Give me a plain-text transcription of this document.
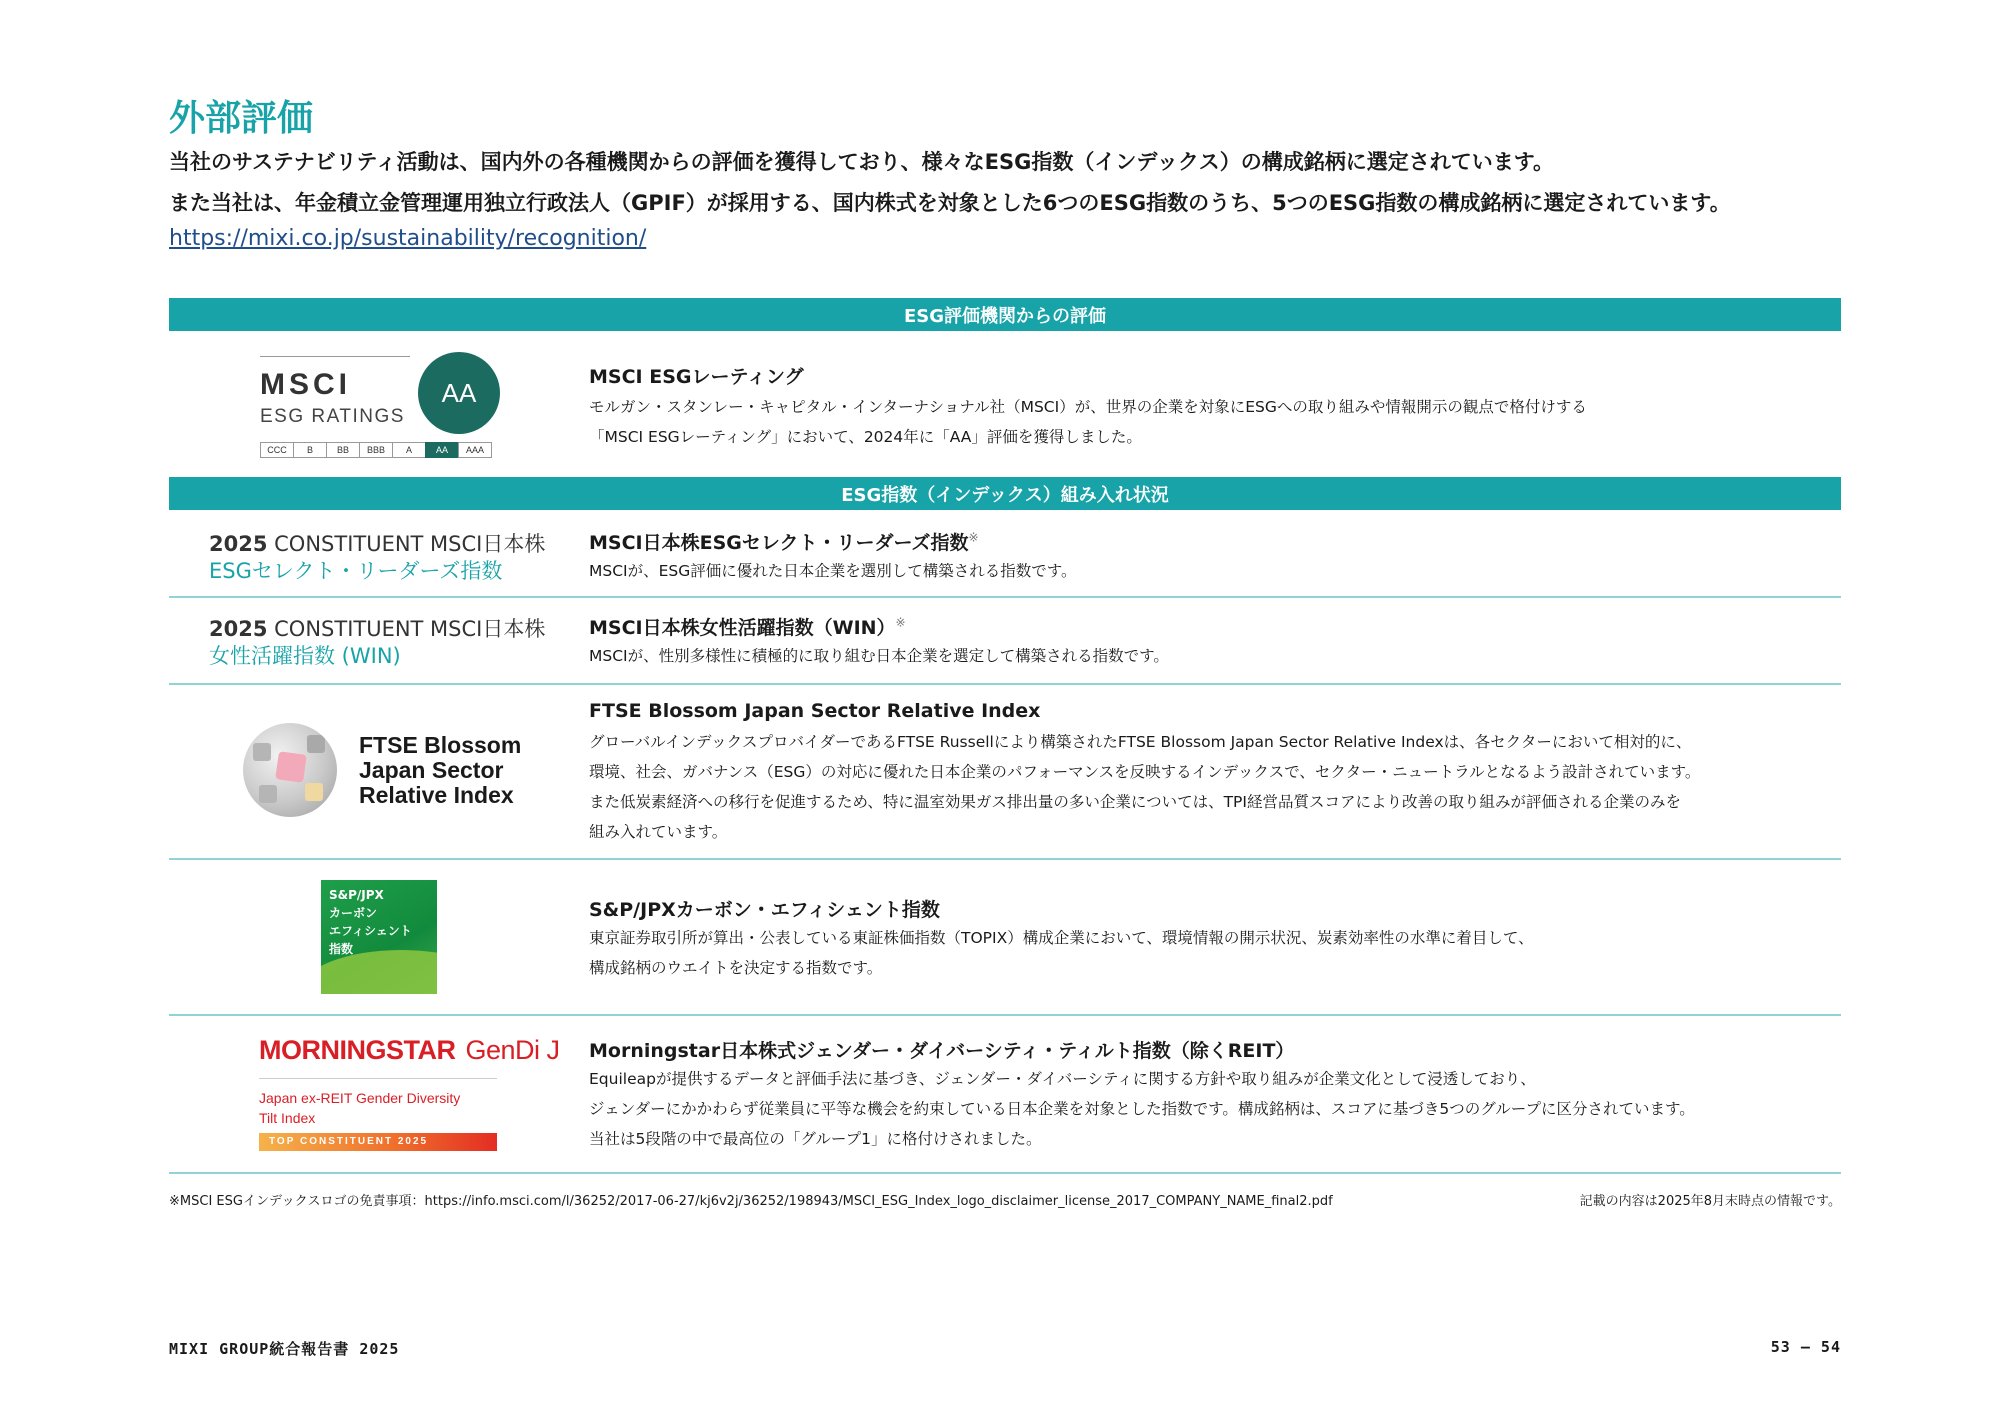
外部評価
当社のサステナビリティ活動は、国内外の各種機関からの評価を獲得しており、様々なESG指数（インデックス）の構成銘柄に選定されています。
また当社は、年金積立金管理運用独立行政法人（GPIF）が採用する、国内株式を対象とした6つのESG指数のうち、5つのESG指数の構成銘柄に選定されています。
https://mixi.co.jp/sustainability/recognition/
ESG評価機関からの評価
MSCI
ESG RATINGS
AA
CCC	B	BB	BBB	A	AA	AAA
MSCI ESGレーティング
モルガン・スタンレー・キャピタル・インターナショナル社（MSCI）が、世界の企業を対象にESGへの取り組みや情報開示の観点で格付けする
「MSCI ESGレーティング」において、2024年に「AA」評価を獲得しました。
ESG指数（インデックス）組み入れ状況
2025 CONSTITUENT MSCI日本株
ESGセレクト・リーダーズ指数
MSCI日本株ESGセレクト・リーダーズ指数※
MSCIが、ESG評価に優れた日本企業を選別して構築される指数です。
2025 CONSTITUENT MSCI日本株
女性活躍指数 (WIN)
MSCI日本株女性活躍指数（WIN）※
MSCIが、性別多様性に積極的に取り組む日本企業を選定して構築される指数です。
FTSE Blossom
Japan Sector
Relative Index
FTSE Blossom Japan Sector Relative Index
グローバルインデックスプロバイダーであるFTSE Russellにより構築されたFTSE Blossom Japan Sector Relative Indexは、各セクターにおいて相対的に、
環境、社会、ガバナンス（ESG）の対応に優れた日本企業のパフォーマンスを反映するインデックスで、セクター・ニュートラルとなるよう設計されています。
また低炭素経済への移行を促進するため、特に温室効果ガス排出量の多い企業については、TPI経営品質スコアにより改善の取り組みが評価される企業のみを
組み入れています。
S&P/JPX
カーボン
エフィシェント
指数
S&P/JPXカーボン・エフィシェント指数
東京証券取引所が算出・公表している東証株価指数（TOPIX）構成企業において、環境情報の開示状況、炭素効率性の水準に着目して、
構成銘柄のウエイトを決定する指数です。
MORNINGSTAR GenDi J
Japan ex-REIT Gender Diversity
Tilt Index
TOP CONSTITUENT 2025
Morningstar日本株式ジェンダー・ダイバーシティ・ティルト指数（除くREIT）
Equileapが提供するデータと評価手法に基づき、ジェンダー・ダイバーシティに関する方針や取り組みが企業文化として浸透しており、
ジェンダーにかかわらず従業員に平等な機会を約束している日本企業を対象とした指数です。構成銘柄は、スコアに基づき5つのグループに区分されています。
当社は5段階の中で最高位の「グループ1」に格付けされました。
※MSCI ESGインデックスロゴの免責事項：https://info.msci.com/l/36252/2017-06-27/kj6v2j/36252/198943/MSCI_ESG_Index_logo_disclaimer_license_2017_COMPANY_NAME_final2.pdf	記載の内容は2025年8月末時点の情報です。
MIXI GROUP統合報告書 2025	53 – 54
